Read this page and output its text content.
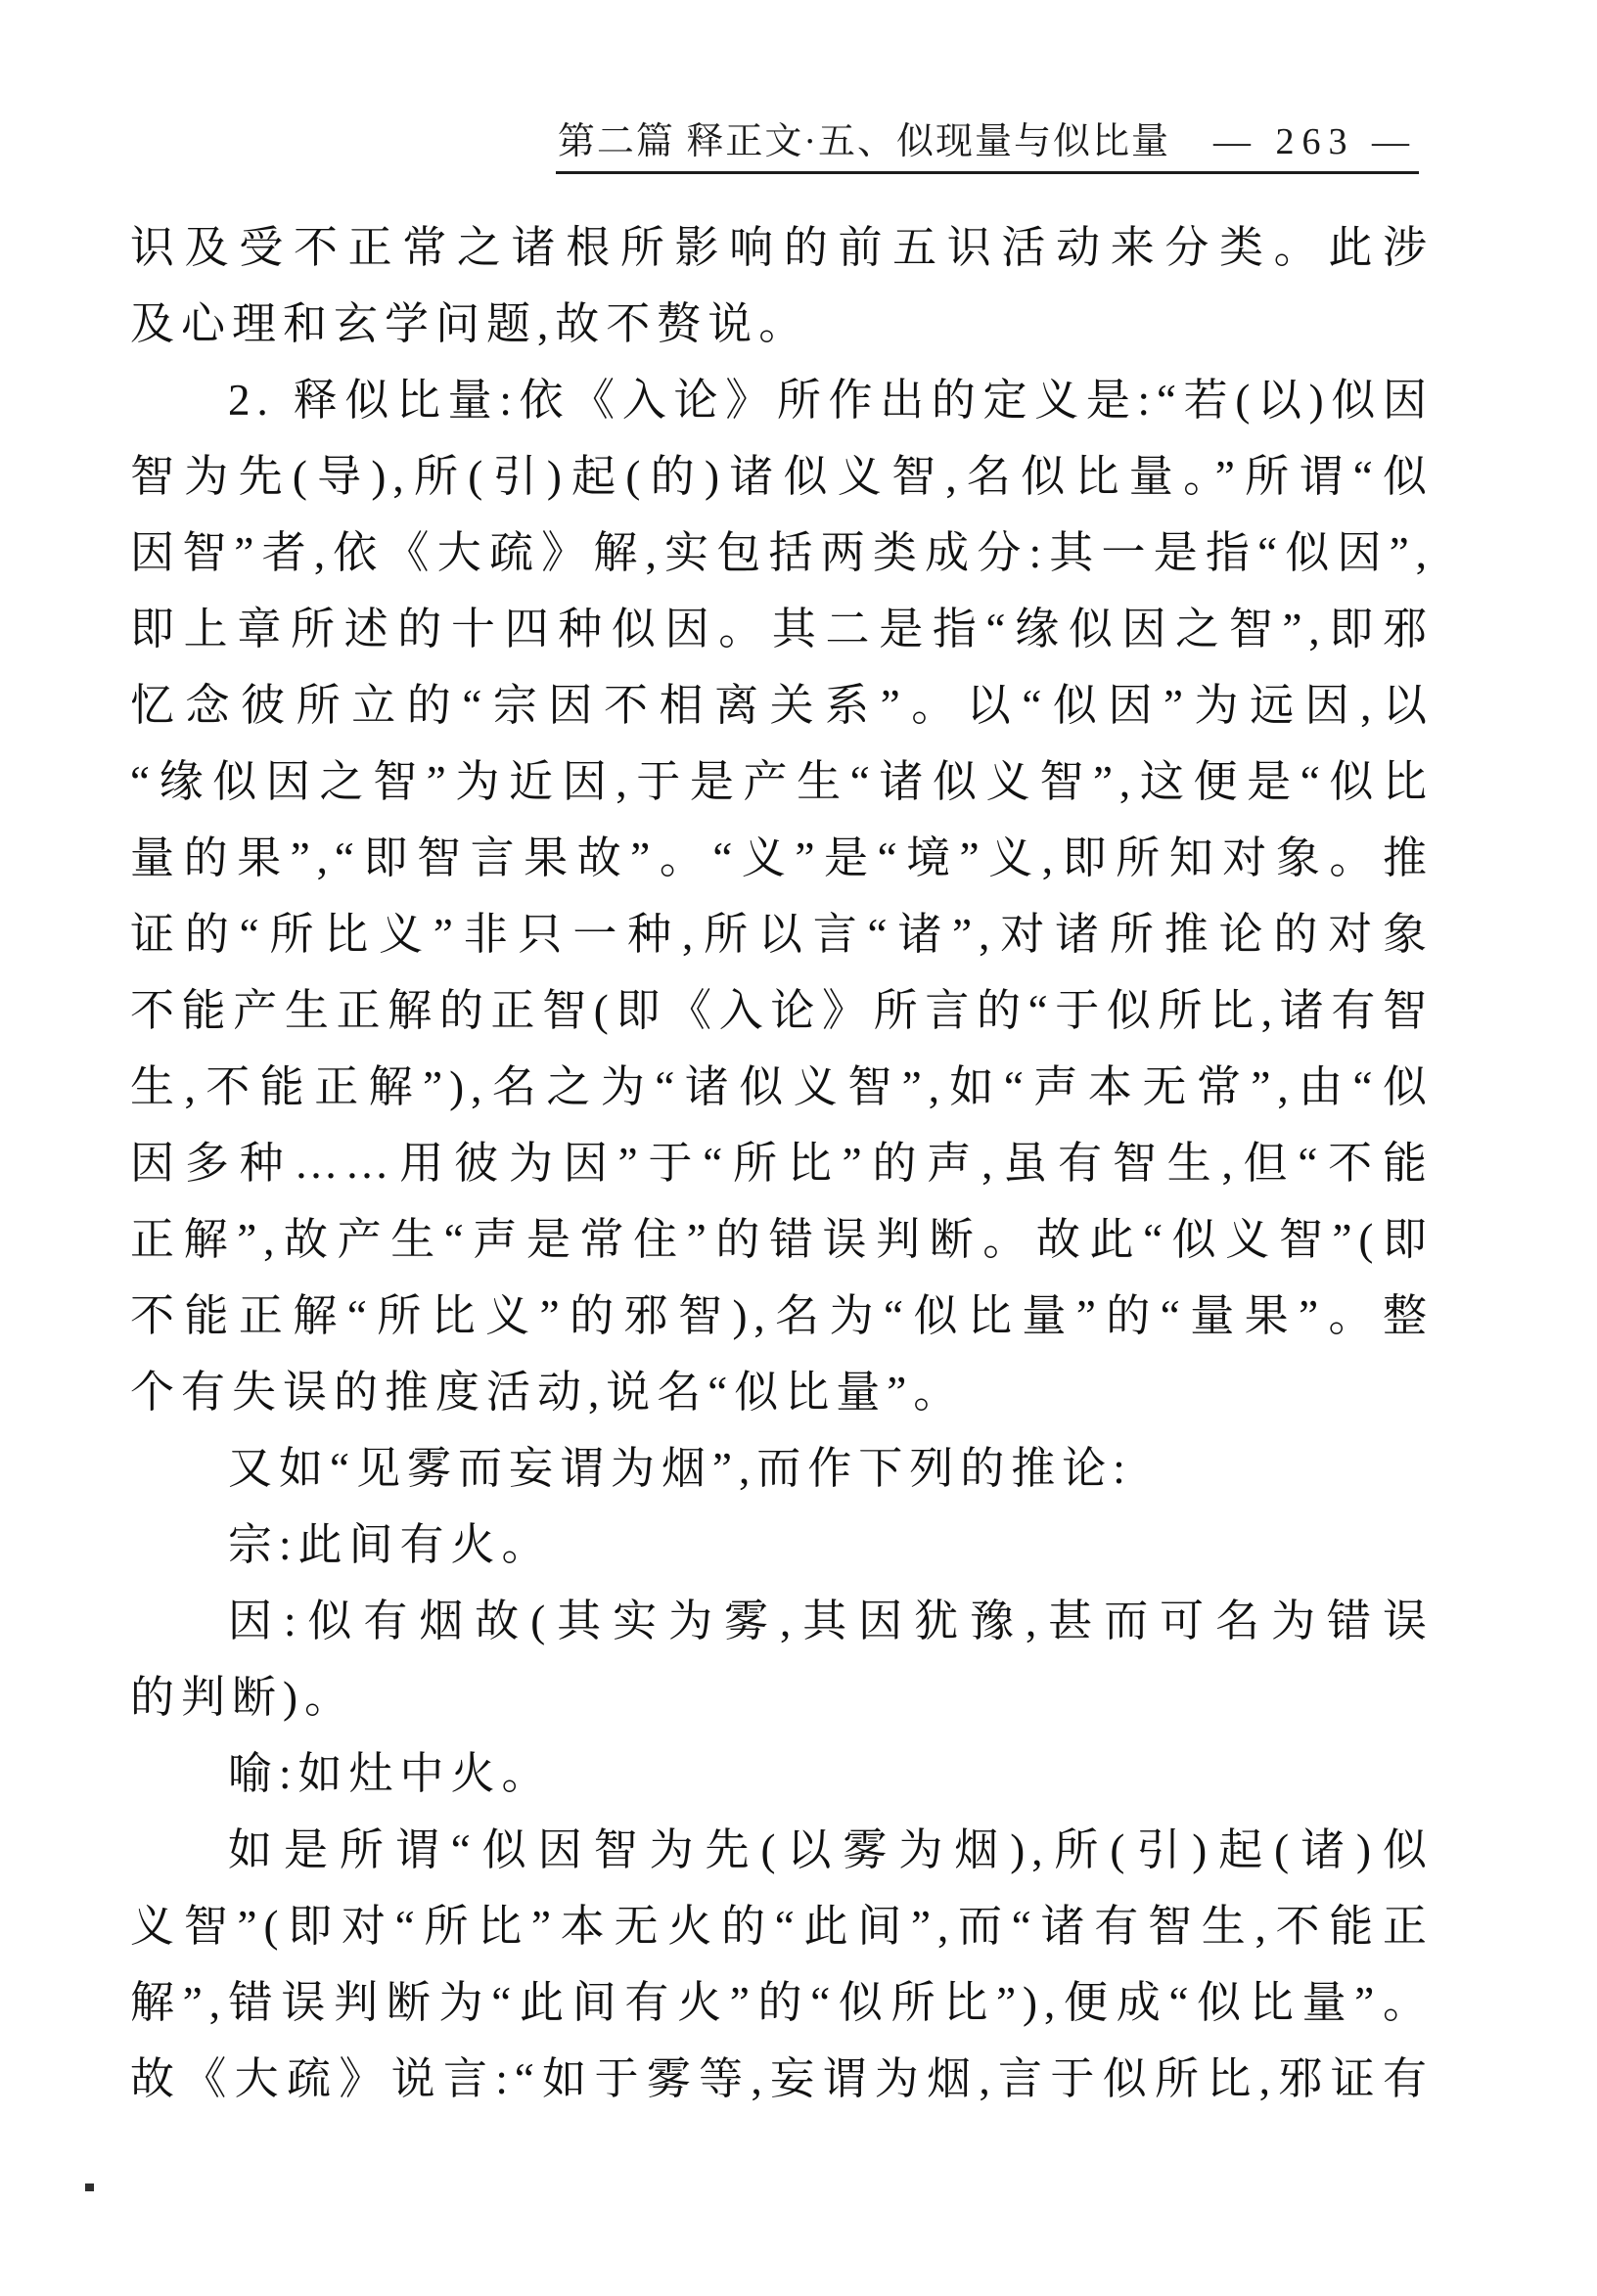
第二篇 释正文·五、似现量与似比量 — 263 —
识及受不正常之诸根所影响的前五识活动来分类。此涉
及心理和玄学问题,故不赘说。
2. 释似比量:依《入论》所作出的定义是:“若(以)似因
智为先(导),所(引)起(的)诸似义智,名似比量。”所谓“似
因智”者,依《大疏》解,实包括两类成分:其一是指“似因”,
即上章所述的十四种似因。其二是指“缘似因之智”,即邪
忆念彼所立的“宗因不相离关系”。以“似因”为远因,以
“缘似因之智”为近因,于是产生“诸似义智”,这便是“似比
量的果”,“即智言果故”。“义”是“境”义,即所知对象。推
证的“所比义”非只一种,所以言“诸”,对诸所推论的对象
不能产生正解的正智(即《入论》所言的“于似所比,诸有智
生,不能正解”),名之为“诸似义智”,如“声本无常”,由“似
因多种……用彼为因”于“所比”的声,虽有智生,但“不能
正解”,故产生“声是常住”的错误判断。故此“似义智”(即
不能正解“所比义”的邪智),名为“似比量”的“量果”。整
个有失误的推度活动,说名“似比量”。
又如“见雾而妄谓为烟”,而作下列的推论:
宗:此间有火。
因:似有烟故(其实为雾,其因犹豫,甚而可名为错误
的判断)。
喻:如灶中火。
如是所谓“似因智为先(以雾为烟),所(引)起(诸)似
义智”(即对“所比”本无火的“此间”,而“诸有智生,不能正
解”,错误判断为“此间有火”的“似所比”),便成“似比量”。
故《大疏》说言:“如于雾等,妄谓为烟,言于似所比,邪证有
